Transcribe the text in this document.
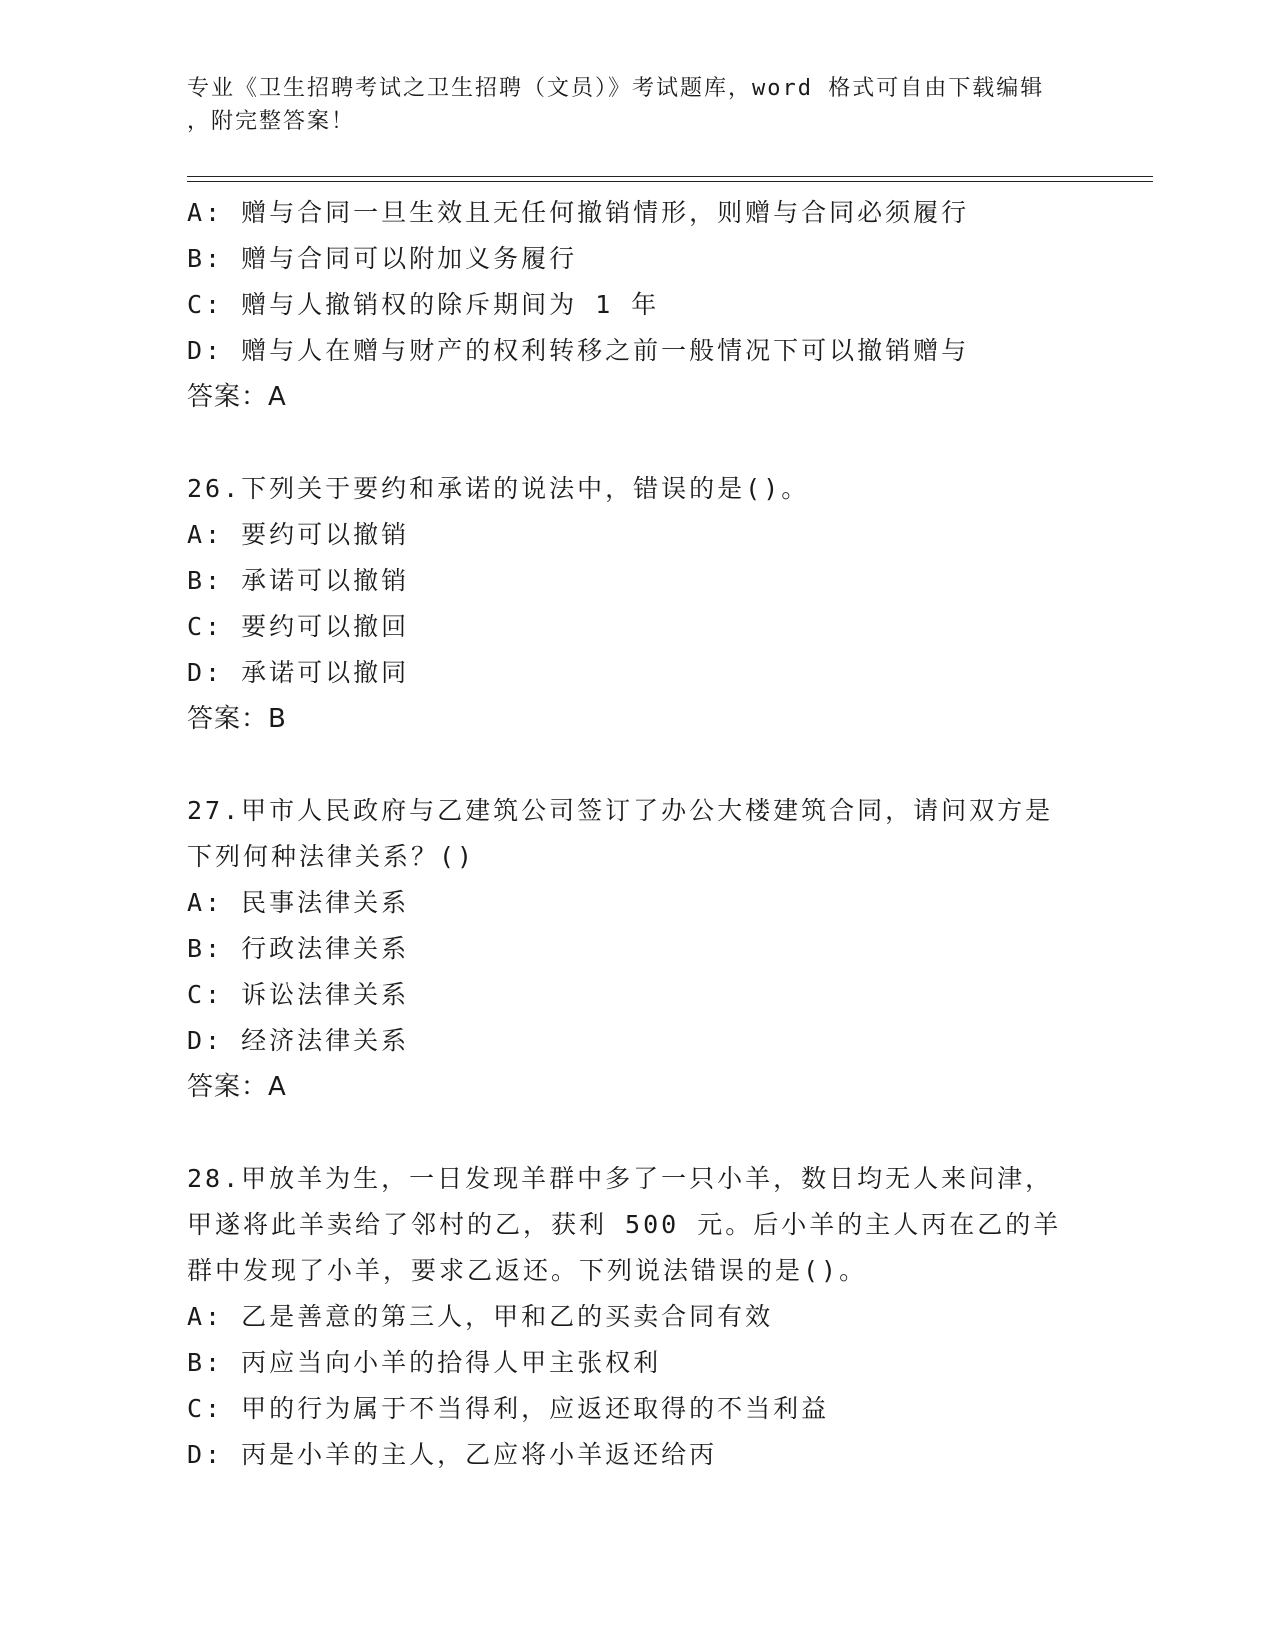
专业《卫生招聘考试之卫生招聘（文员）》考试题库，word 格式可自由下载编辑
，附完整答案！
A: 赠与合同一旦生效且无任何撤销情形，则赠与合同必须履行
B: 赠与合同可以附加义务履行
C: 赠与人撤销权的除斥期间为 1 年
D: 赠与人在赠与财产的权利转移之前一般情况下可以撤销赠与
答案：A
26.下列关于要约和承诺的说法中，错误的是()。
A: 要约可以撤销
B: 承诺可以撤销
C: 要约可以撤回
D: 承诺可以撤同
答案：B
27.甲市人民政府与乙建筑公司签订了办公大楼建筑合同，请问双方是
下列何种法律关系？()
A: 民事法律关系
B: 行政法律关系
C: 诉讼法律关系
D: 经济法律关系
答案：A
28.甲放羊为生，一日发现羊群中多了一只小羊，数日均无人来问津，
甲遂将此羊卖给了邻村的乙，获利 500 元。后小羊的主人丙在乙的羊
群中发现了小羊，要求乙返还。下列说法错误的是()。
A: 乙是善意的第三人，甲和乙的买卖合同有效
B: 丙应当向小羊的拾得人甲主张权利
C: 甲的行为属于不当得利，应返还取得的不当利益
D: 丙是小羊的主人，乙应将小羊返还给丙
